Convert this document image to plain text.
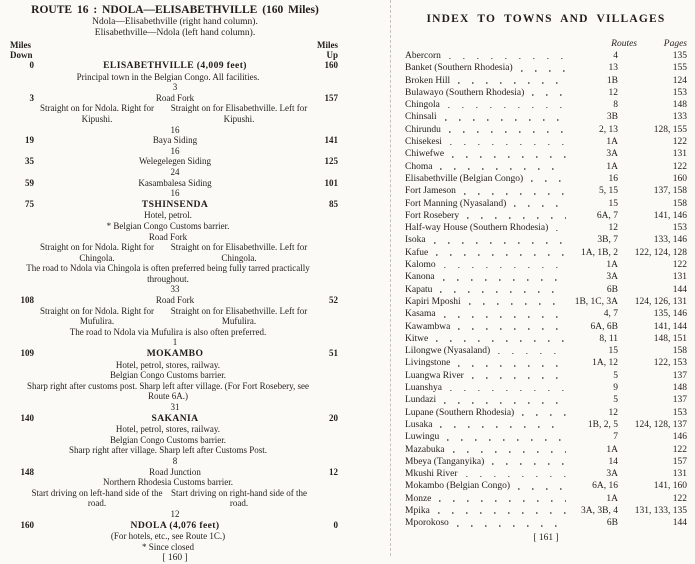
ROUTE 16 : NDOLA—ELISABETHVILLE (160 Miles)
Ndola—Elisabethville (right hand column).
Elisabethville—Ndola (left hand column).
Miles
Down
Miles
Up
0	ELISABETHVILLE (4,009 feet)	160
Principal town in the Belgian Congo. All facilities.
3
3	Road Fork	157
Straight on for Ndola. Right for Kipushi.
Straight on for Elisabethville. Left for Kipushi.
16
19	Baya Siding	141
16
35	Welegelegen Siding	125
24
59	Kasambalesa Siding	101
16
75	TSHINSENDA	85
Hotel, petrol.
* Belgian Congo Customs barrier.
Road Fork
Straight on for Ndola. Right for Chingola.
Straight on for Elisabethville. Left for Chingola.
The road to Ndola via Chingola is often preferred being fully tarred practically throughout.
33
108	Road Fork	52
Straight on for Ndola. Right for Mufulira.
Straight on for Elisabethville. Left for Mufulira.
The road to Ndola via Mufulira is also often preferred.
1
109	MOKAMBO	51
Hotel, petrol, stores, railway.
Belgian Congo Customs barrier.
Sharp right after customs post. Sharp left after village. (For Fort Rosebery, see Route 6A.)
31
140	SAKANIA	20
Hotel, petrol, stores, railway.
Belgian Congo Customs barrier.
Sharp right after village. Sharp left after Customs Post.
8
148	Road Junction	12
Northern Rhodesia Customs barrier.
Start driving on left-hand side of the road.
Start driving on right-hand side of the road.
12
160	NDOLA (4,076 feet)	0
(For hotels, etc., see Route 1C.)
* Since closed
[ 160 ]
INDEX TO TOWNS AND VILLAGES
Routes	Pages
Abercorn	4	135
Banket (Southern Rhodesia)	13	155
Broken Hill	1B	124
Bulawayo (Southern Rhodesia)	12	153
Chingola	8	148
Chinsali	3B	133
Chirundu	2, 13	128, 155
Chisekesi	1A	122
Chiwefwe	3A	131
Choma	1A	122
Elisabethville (Belgian Congo)	16	160
Fort Jameson	5, 15	137, 158
Fort Manning (Nyasaland)	15	158
Fort Rosebery	6A, 7	141, 146
Half-way House (Southern Rhodesia)	12	153
Isoka	3B, 7	133, 146
Kafue	1A, 1B, 2	122, 124, 128
Kalomo	1A	122
Kanona	3A	131
Kapatu	6B	144
Kapiri Mposhi	1B, 1C, 3A	124, 126, 131
Kasama	4, 7	135, 146
Kawambwa	6A, 6B	141, 144
Kitwe	8, 11	148, 151
Lilongwe (Nyasaland)	15	158
Livingstone	1A, 12	122, 153
Luangwa River	5	137
Luanshya	9	148
Lundazi	5	137
Lupane (Southern Rhodesia)	12	153
Lusaka	1B, 2, 5	124, 128, 137
Luwingu	7	146
Mazabuka	1A	122
Mbeya (Tanganyika)	14	157
Mkushi River	3A	131
Mokambo (Belgian Congo)	6A, 16	141, 160
Monze	1A	122
Mpika	3A, 3B, 4	131, 133, 135
Mporokoso	6B	144
[ 161 ]
